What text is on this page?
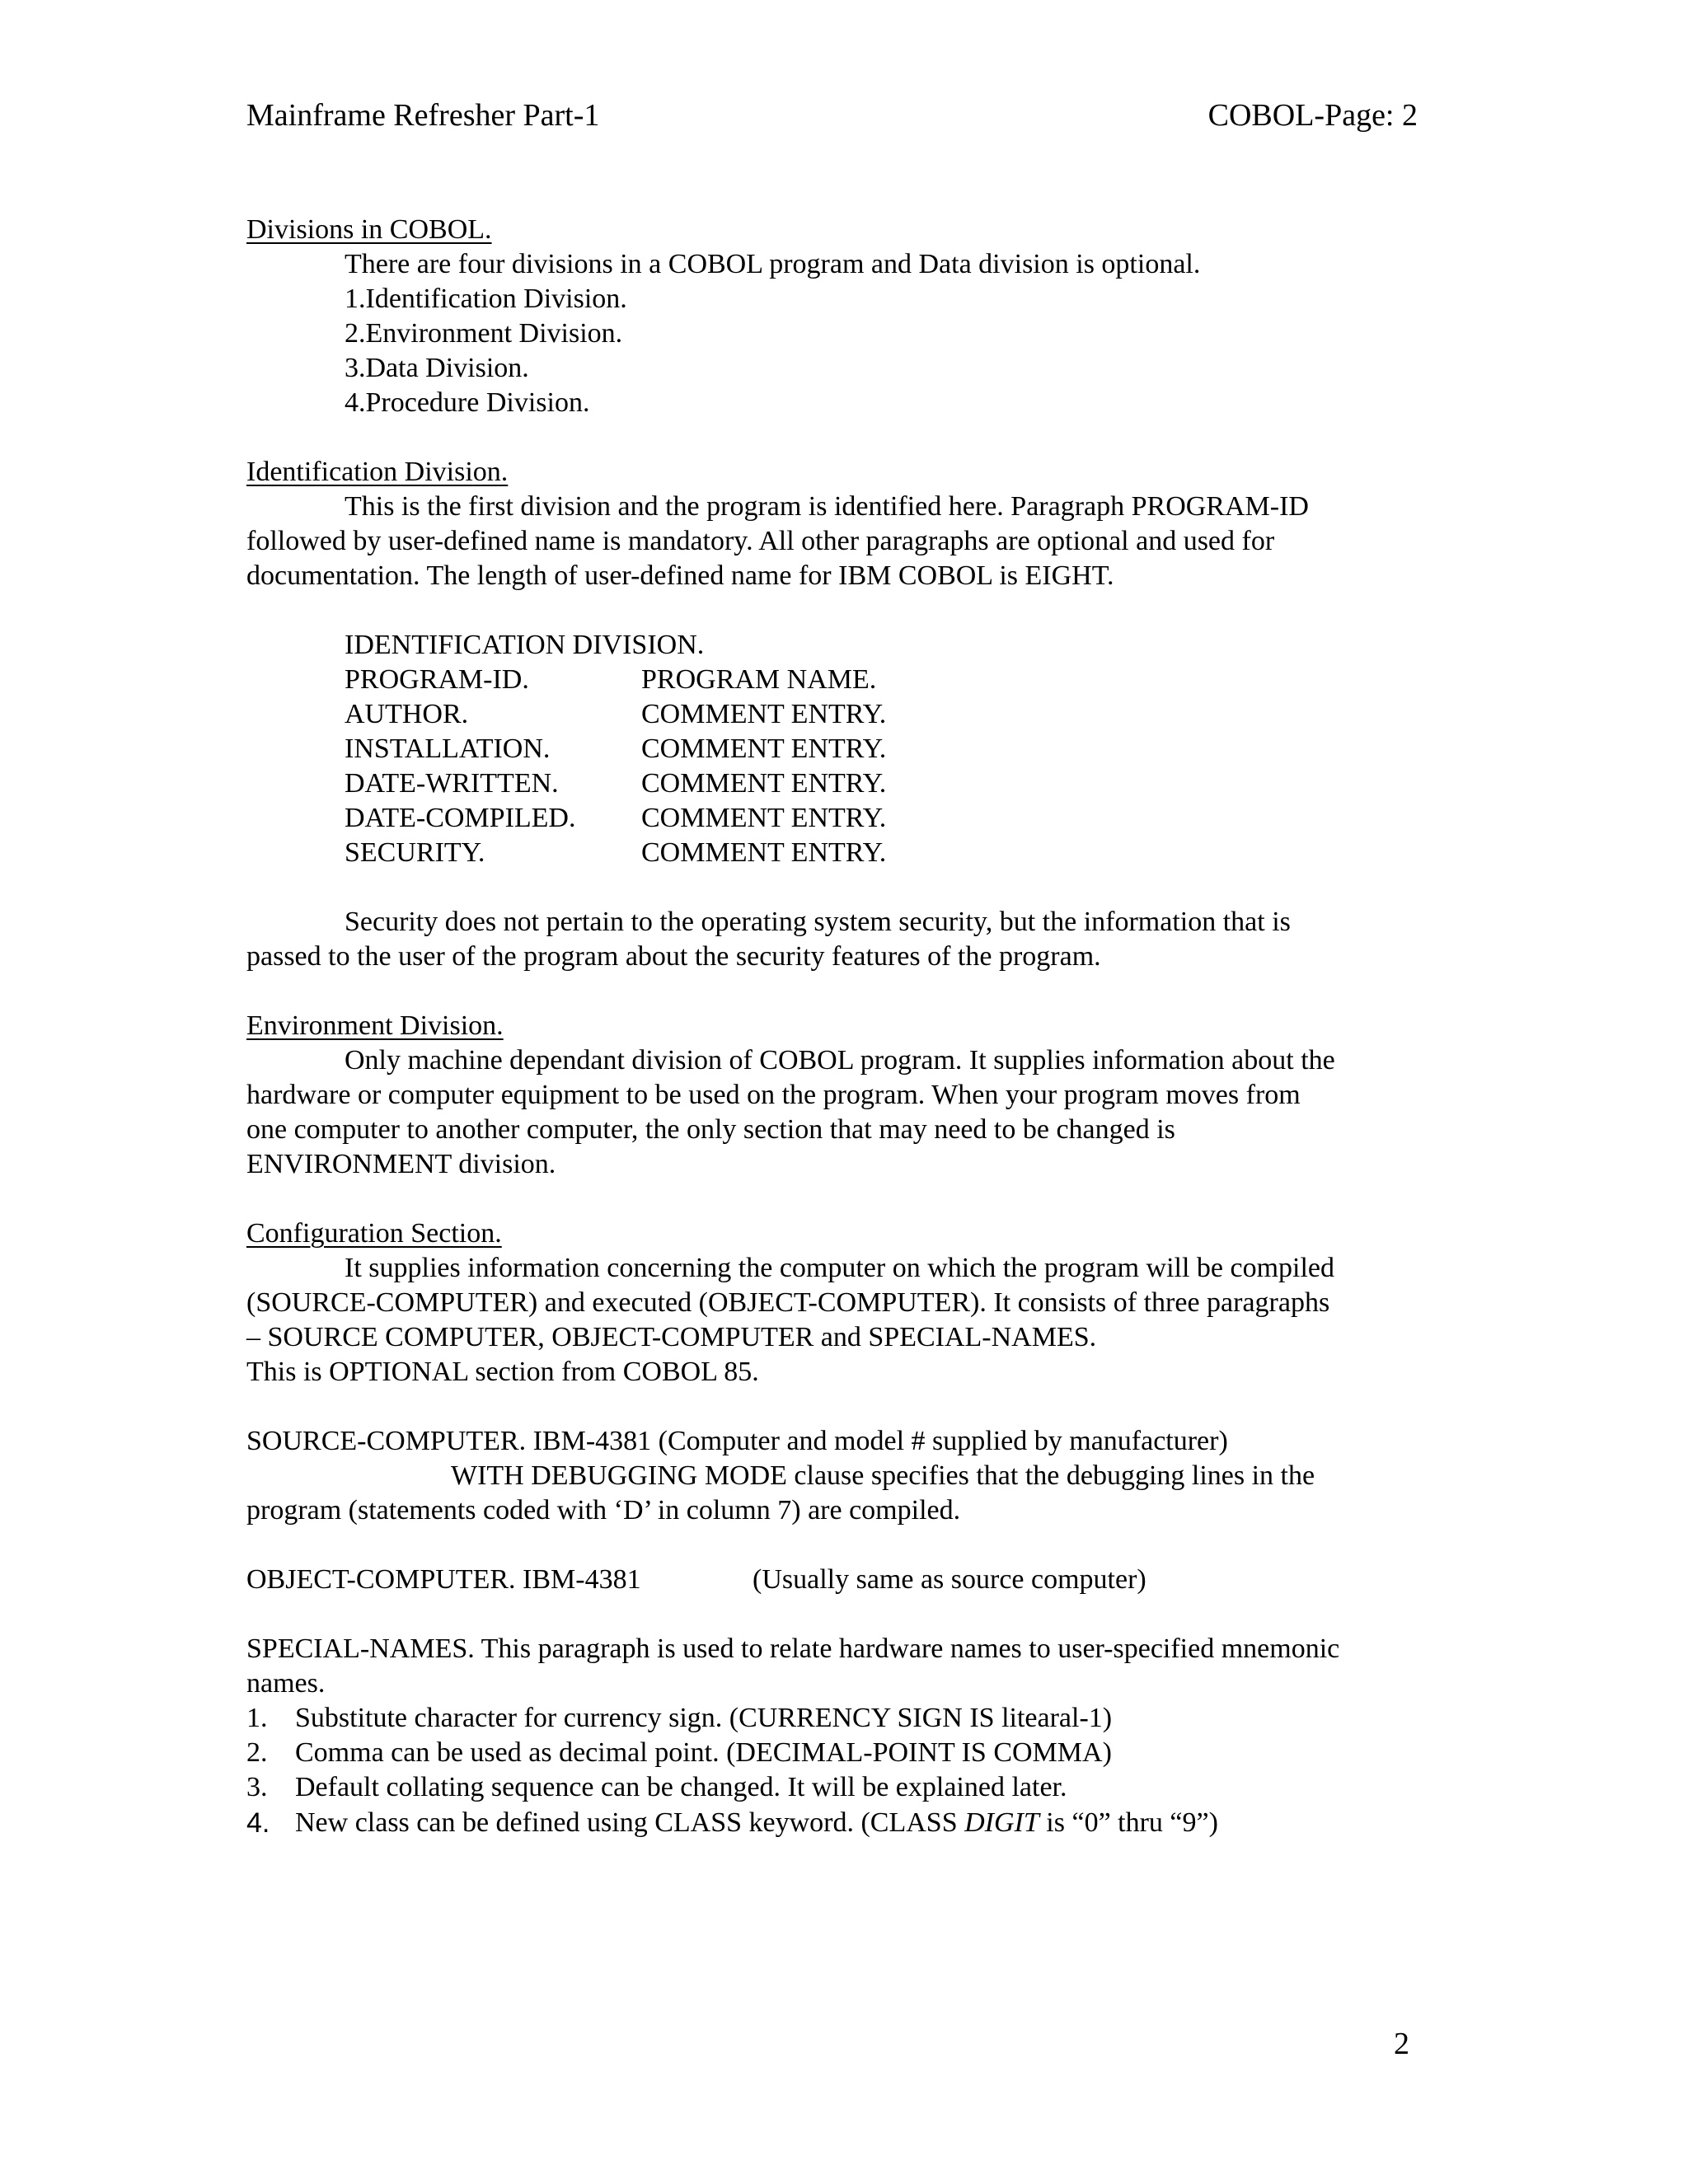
Mainframe Refresher Part-1	COBOL-Page: 2
Divisions in COBOL.
There are four divisions in a COBOL program and Data division is optional.
1.Identification Division.
2.Environment Division.
3.Data Division.
4.Procedure Division.
Identification Division.
This is the first division and the program is identified here. Paragraph PROGRAM-ID
followed by user-defined name is mandatory. All other paragraphs are optional and used for
documentation. The length of user-defined name for IBM COBOL is EIGHT.
IDENTIFICATION DIVISION.
PROGRAM-ID.	PROGRAM NAME.
AUTHOR.	COMMENT ENTRY.
INSTALLATION.	COMMENT ENTRY.
DATE-WRITTEN.	COMMENT ENTRY.
DATE-COMPILED. COMMENT ENTRY.
SECURITY.	COMMENT ENTRY.
Security does not pertain to the operating system security, but the information that is
passed to the user of the program about the security features of the program.
Environment Division.
Only machine dependant division of COBOL program. It supplies information about the
hardware or computer equipment to be used on the program. When your program moves from
one computer to another computer, the only section that may need to be changed is
ENVIRONMENT division.
Configuration Section.
It supplies information concerning the computer on which the program will be compiled
(SOURCE-COMPUTER) and executed (OBJECT-COMPUTER). It consists of three paragraphs
– SOURCE COMPUTER, OBJECT-COMPUTER and SPECIAL-NAMES.
This is OPTIONAL section from COBOL 85.
SOURCE-COMPUTER. IBM-4381 (Computer and model # supplied by manufacturer)
WITH DEBUGGING MODE clause specifies that the debugging lines in the
program (statements coded with ‘D’ in column 7) are compiled.
OBJECT-COMPUTER. IBM-4381	(Usually same as source computer)
SPECIAL-NAMES. This paragraph is used to relate hardware names to user-specified mnemonic
names.
1. Substitute character for currency sign. (CURRENCY SIGN IS litearal-1)
2. Comma can be used as decimal point. (DECIMAL-POINT IS COMMA)
3. Default collating sequence can be changed. It will be explained later.
4. New class can be defined using CLASS keyword. (CLASS DIGIT is “0” thru “9”)
2
